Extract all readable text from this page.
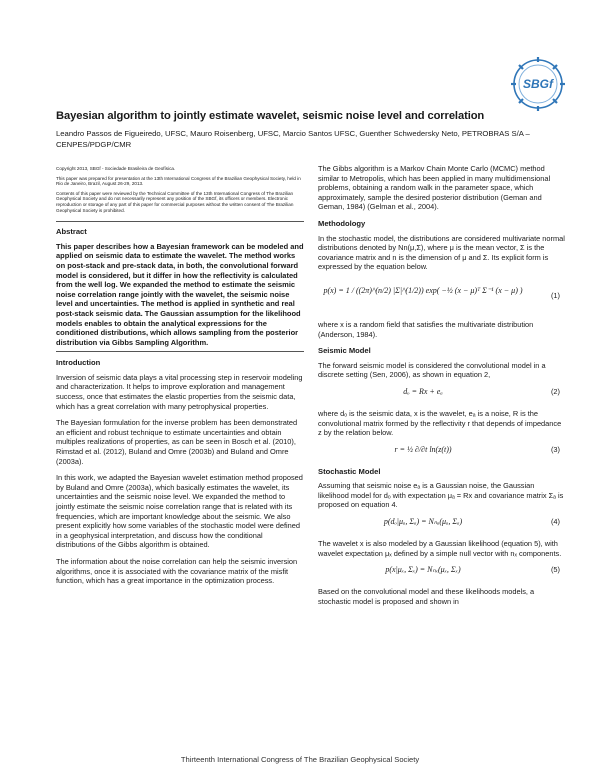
SBGf
Bayesian algorithm to jointly estimate wavelet, seismic noise level and correlation
Leandro Passos de Figueiredo, UFSC, Mauro Roisenberg, UFSC, Marcio Santos UFSC, Guenther Schwedersky Neto, PETROBRAS S/A – CENPES/PDGP/CMR

Copyright 2013, SBGf - Sociedade Brasileira de Geofísica.

This paper was prepared for presentation at the 13th International Congress of the Brazilian Geophysical Society, held in Rio de Janeiro, Brazil, August 26-29, 2013.

Contents of this paper were reviewed by the Technical Committee of the 13th International Congress of The Brazilian Geophysical Society and do not necessarily represent any position of the SBGf, its officers or members. Electronic reproduction or storage of any part of this paper for commercial purposes without the written consent of The Brazilian Geophysical Society is prohibited.

Abstract

This paper describes how a Bayesian framework can be modeled and applied on seismic data to estimate the wavelet. The method works on post-stack and pre-stack data, in both, the convolutional forward model is considered, but it differ in how the reflectivity is calculated from the well log. We expanded the method to estimate the seismic noise correlation range jointly with the wavelet, the seismic noise level and uncertainties. The method is applied in synthetic and real post-stack seismic data. The Gaussian assumption for the likelihood models enables to obtain the analytical expressions for the conditioned distributions, which allows sampling from the posterior distribution via Gibbs Sampling Algorithm.

Introduction

Inversion of seismic data plays a vital processing step in reservoir modeling and characterization. It helps to improve exploration and management success, once that estimates the elastic properties from the seismic data, which has a great correlation with many petrophysical properties.

The Bayesian formulation for the inverse problem has been demonstrated an efficient and robust technique to estimate uncertainties and obtain multiples realizations of properties, as can be seen in Bosch et al. (2010), Rimstad et al. (2012), Buland and Omre (2003b) and Buland and Omre (2003a).

In this work, we adapted the Bayesian wavelet estimation method proposed by Buland and Omre (2003a), which basically estimates the wavelet, its uncertainties and the seismic noise level. We expanded the method to jointly estimate the seismic noise correlation range that is related with its frequencies, which are important knowledge about the seismic. We also present explicitly how some variables of the stochastic model were defined in a geophysical interpretation, and discuss how the conditional distributions of the Gibbs algorithm is obtained.

The information about the noise correlation can help the seismic inversion algorithms, once it is associated with the covariance matrix of the misfit function, which has a great importance in the optimization process.

The Gibbs algorithm is a Markov Chain Monte Carlo (MCMC) method similar to Metropolis, which has been applied in many multidimensional problems, obtaining a random walk in the parameter space, which approximately, sample the desired posterior distribution (Geman and Geman, 1984) (Gelman et al., 2004).

Methodology

In the stochastic model, the distributions are considered multivariate normal distributions denoted by Nn(μ,Σ), where μ is the mean vector, Σ is the covariance matrix and n is the dimension of μ and Σ. Its explicit form is expressed by the equation below.

p(x) = 1 / ((2π)^(n/2) |Σ|^(1/2)) exp( −½ (x − μ)ᵀ Σ⁻¹ (x − μ) )
(1)

where x is a random field that satisfies the multivariate distribution (Anderson, 1984).

Seismic Model

The forward seismic model is considered the convolutional model in a discrete setting (Sen, 2006), as shown in equation 2,

dₒ = Rx + eₐ	(2)

where dₒ is the seismic data, x is the wavelet, eₐ is a noise, R is the convolutional matrix formed by the reflectivity r that depends of impedance z by the relation below.

r = ½ ∂/∂t ln(z(t))	(3)
Stochastic Model

Assuming that seismic noise eₐ is a Gaussian noise, the Gaussian likelihood model for dₒ with expectation μₐ = Rx and covariance matrix Σₐ is proposed on equation 4.

p(dₒ|μₐ, Σₐ) = Nₙₐ(μₐ, Σₐ)	(4)

The wavelet x is also modeled by a Gaussian likelihood (equation 5), with wavelet expectation μₓ defined by a simple null vector with nₓ components.

p(x|μₓ, Σₓ) = Nₙₓ(μₓ, Σₓ)	(5)

Based on the convolutional model and these likelihoods models, a stochastic model is proposed and shown in

Thirteenth International Congress of The Brazilian Geophysical Society
